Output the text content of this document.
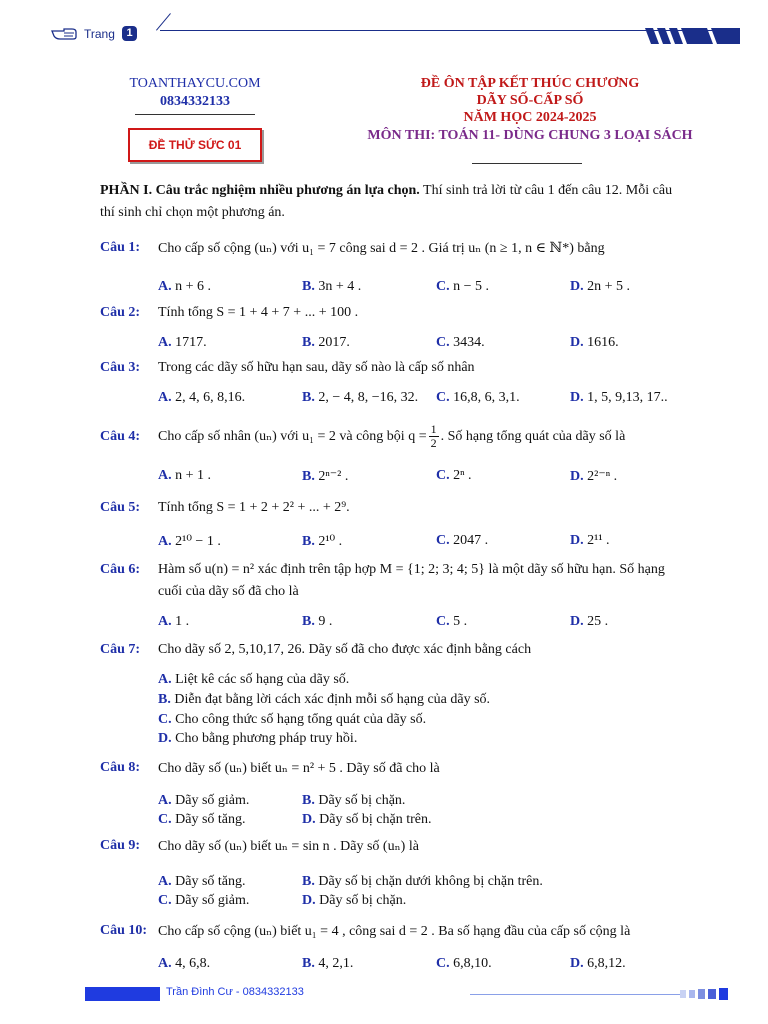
Trang	1
TOANTHAYCU.COM
0834332133
ĐỀ THỬ SỨC 01
ĐỀ ÔN TẬP KẾT THÚC CHƯƠNG
DÃY SỐ-CẤP SỐ
NĂM HỌC 2024-2025
MÔN THI: TOÁN 11- DÙNG CHUNG 3 LOẠI SÁCH
PHẦN I. Câu trắc nghiệm nhiều phương án lựa chọn. Thí sinh trả lời từ câu 1 đến câu 12. Mỗi câu thí sinh chỉ chọn một phương án.
Câu 1: Cho cấp số cộng (uₙ) với u₁ = 7 công sai d = 2 . Giá trị uₙ (n ≥ 1, n ∈ ℕ*) bằng
A. n + 6 .	B. 3n + 4 .	C. n − 5 .	D. 2n + 5 .
Câu 2: Tính tổng S = 1 + 4 + 7 + ... + 100 .
A. 1717.	B. 2017.	C. 3434.	D. 1616.
Câu 3: Trong các dãy số hữu hạn sau, dãy số nào là cấp số nhân
A. 2, 4, 6, 8,16.	B. 2, − 4, 8, −16, 32. C. 16,8, 6, 3,1.	D. 1, 5, 9,13, 17..
Câu 4: Cho cấp số nhân (uₙ) với u₁ = 2 và công bội $q = \frac{1}{2}$ . Số hạng tổng quát của dãy số là
A. n + 1 .	B. 2ⁿ⁻² .	C. 2ⁿ .	D. 2²⁻ⁿ .
Câu 5: Tính tổng S = 1 + 2 + 2² + ... + 2⁹.
A. 2¹⁰ − 1 .	B. 2¹⁰ .	C. 2047 .	D. 2¹¹ .
Câu 6: Hàm số u(n) = n² xác định trên tập hợp M = {1; 2; 3; 4; 5} là một dãy số hữu hạn. Số hạng
cuối của dãy số đã cho là
A. 1 .	B. 9 .	C. 5 .	D. 25 .
Câu 7: Cho dãy số 2, 5,10,17, 26. Dãy số đã cho được xác định bằng cách
A. Liệt kê các số hạng của dãy số.
B. Diễn đạt bằng lời cách xác định mỗi số hạng của dãy số.
C. Cho công thức số hạng tổng quát của dãy số.
D. Cho bằng phương pháp truy hồi.
Câu 8: Cho dãy số (uₙ) biết uₙ = n² + 5 . Dãy số đã cho là
A. Dãy số giảm.	B. Dãy số bị chặn.
C. Dãy số tăng.	D. Dãy số bị chặn trên.
Câu 9: Cho dãy số (uₙ) biết uₙ = sin n . Dãy số (uₙ) là
A. Dãy số tăng.	B. Dãy số bị chặn dưới không bị chặn trên.
C. Dãy số giảm.	D. Dãy số bị chặn.
Câu 10: Cho cấp số cộng (uₙ) biết u₁ = 4 , công sai d = 2 . Ba số hạng đầu của cấp số cộng là
A. 4, 6,8.	B. 4, 2,1.	C. 6,8,10.	D. 6,8,12.
Trần Đình Cư - 0834332133
